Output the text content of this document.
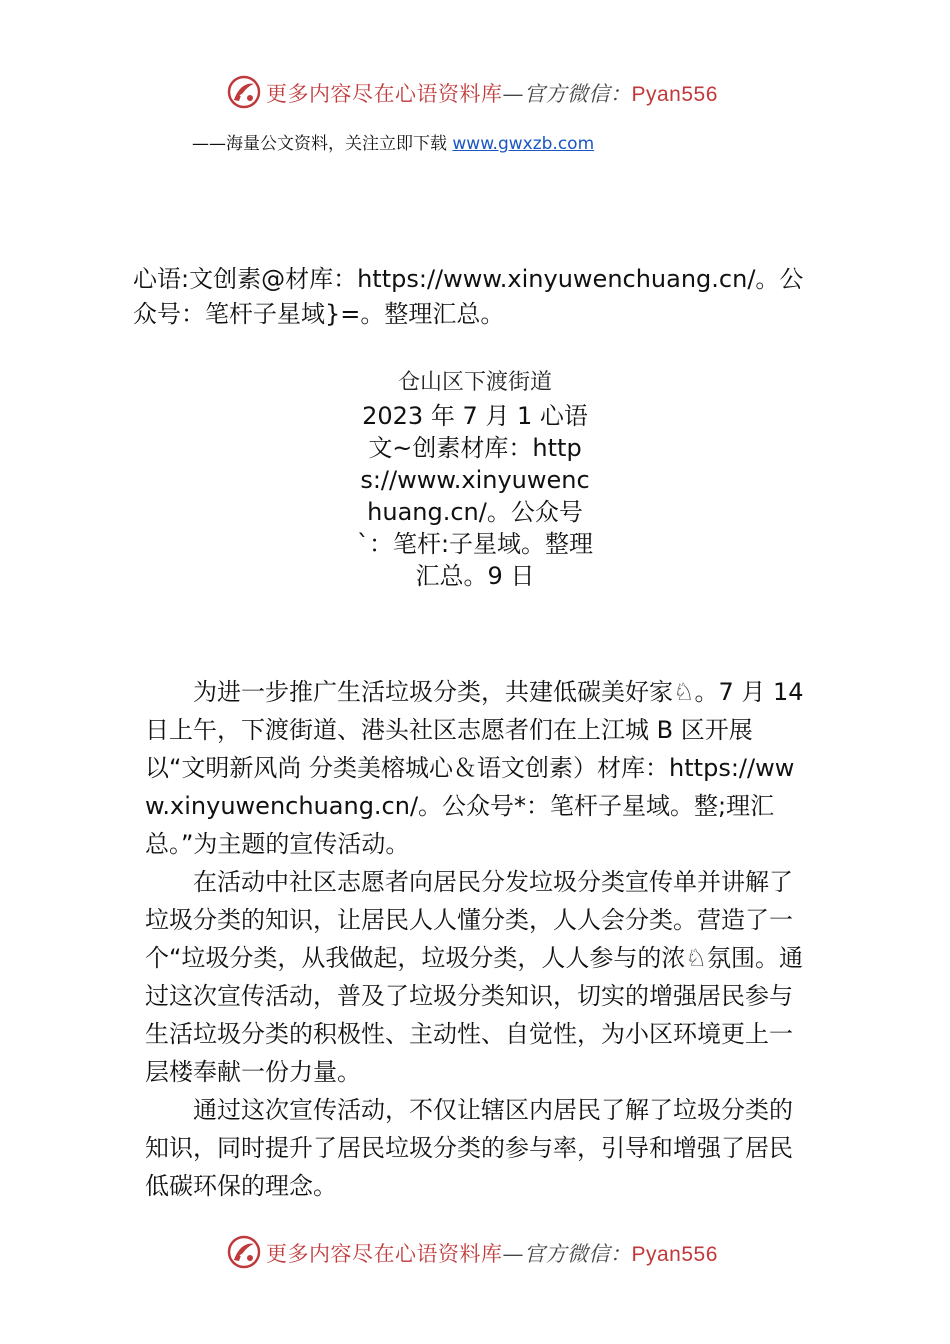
更多内容尽在心语资料库—官方微信：Pyan556
——海量公文资料，关注立即下载 www.gwxzb.com
心语:文创素@材库：https://www.xinyuwenchuang.cn/。公众号：笔杆子星域}=。整理汇总。
仓山区下渡街道
2023 年 7 月 1 心语文~创素材库：https://www.xinyuwenchuang.cn/。公众号`：笔杆:子星域。整理汇总。9 日

为进一步推广生活垃圾分类，共建低碳美好家♘。7 月 14 日上午，下渡街道、港头社区志愿者们在上江城 B 区开展以“文明新风尚 分类美榕城心＆语文创素）材库：https://www.xinyuwenchuang.cn/。公众号*：笔杆子星域。整;理汇总。”为主题的宣传活动。

在活动中社区志愿者向居民分发垃圾分类宣传单并讲解了垃圾分类的知识，让居民人人懂分类，人人会分类。营造了一个“垃圾分类，从我做起，垃圾分类，人人参与的浓♘氛围。通过这次宣传活动，普及了垃圾分类知识，切实的增强居民参与生活垃圾分类的积极性、主动性、自觉性，为小区环境更上一层楼奉献一份力量。

通过这次宣传活动，不仅让辖区内居民了解了垃圾分类的知识，同时提升了居民垃圾分类的参与率，引导和增强了居民低碳环保的理念。

更多内容尽在心语资料库—官方微信：Pyan556
